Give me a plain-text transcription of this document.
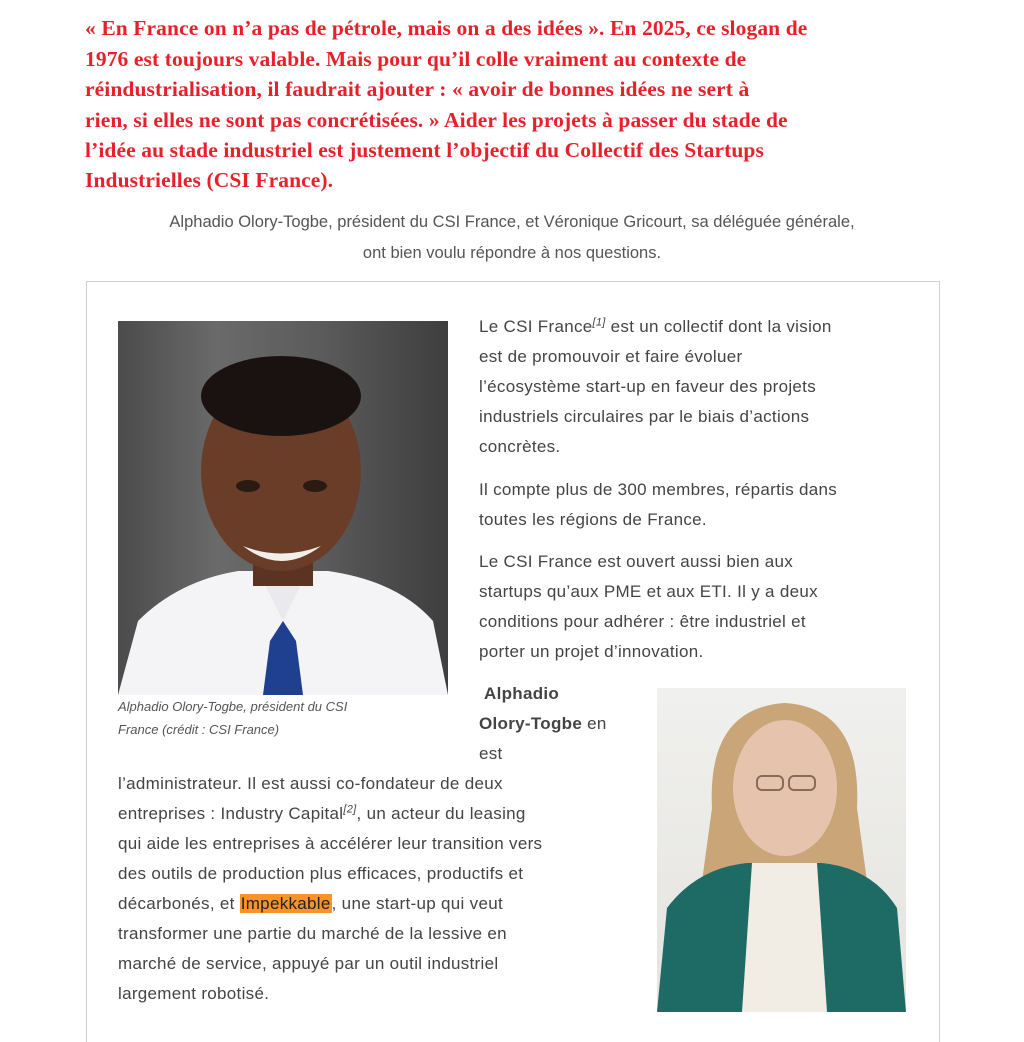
« En France on n’a pas de pétrole, mais on a des idées ». En 2025, ce slogan de
1976 est toujours valable. Mais pour qu’il colle vraiment au contexte de
réindustrialisation, il faudrait ajouter : « avoir de bonnes idées ne sert à
rien, si elles ne sont pas concrétisées. » Aider les projets à passer du stade de
l’idée au stade industriel est justement l’objectif du Collectif des Startups
Industrielles (CSI France).
Alphadio Olory-Togbe, président du CSI France, et Véronique Gricourt, sa déléguée générale,
ont bien voulu répondre à nos questions.
Alphadio Olory-Togbe, président du CSI
France (crédit : CSI France)
Le CSI France[1] est un collectif dont la vision
est de promouvoir et faire évoluer
l’écosystème start-up en faveur des projets
industriels circulaires par le biais d’actions
concrètes.
Il compte plus de 300 membres, répartis dans
toutes les régions de France.
Le CSI France est ouvert aussi bien aux
startups qu’aux PME et aux ETI. Il y a deux
conditions pour adhérer : être industriel et
porter un projet d’innovation.
Alphadio
Olory-Togbe en
est
l’administrateur. Il est aussi co-fondateur de deux
entreprises : Industry Capital[2], un acteur du leasing
qui aide les entreprises à accélérer leur transition vers
des outils de production plus efficaces, productifs et
décarbonés, et Impekkable, une start-up qui veut
transformer une partie du marché de la lessive en
marché de service, appuyé par un outil industriel
largement robotisé.
